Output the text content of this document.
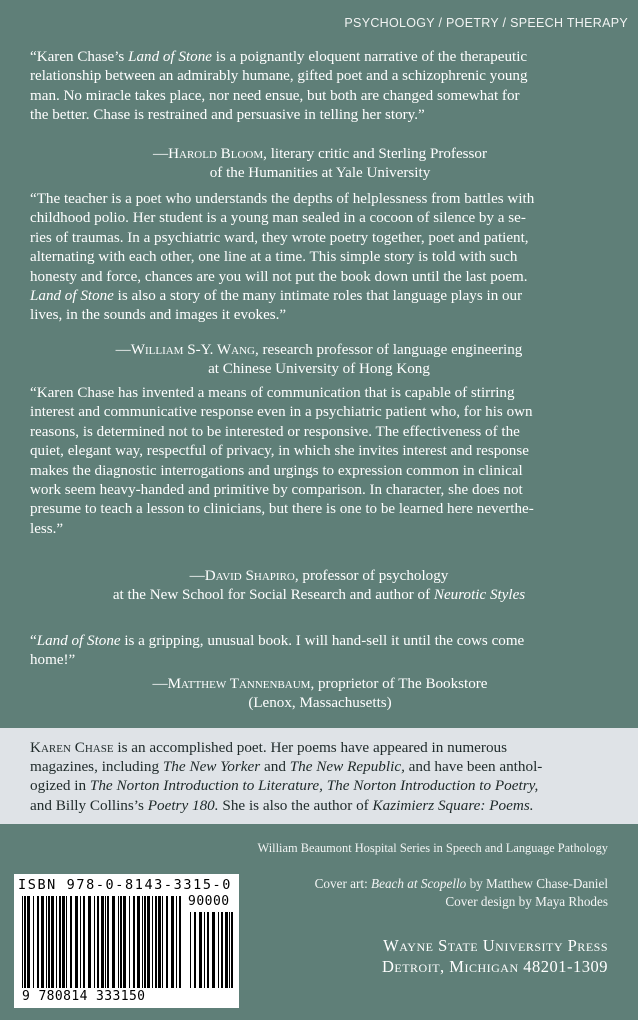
PSYCHOLOGY / POETRY / SPEECH THERAPY

“Karen Chase’s Land of Stone is a poignantly eloquent narrative of the therapeutic

relationship between an admirably humane, gifted poet and a schizophrenic young

man. No miracle takes place, nor need ensue, but both are changed somewhat for

the better. Chase is restrained and persuasive in telling her story.”

—Harold Bloom, literary critic and Sterling Professor
of the Humanities at Yale University

“The teacher is a poet who understands the depths of helplessness from battles with

childhood polio. Her student is a young man sealed in a cocoon of silence by a se-

ries of traumas. In a psychiatric ward, they wrote poetry together, poet and patient,

alternating with each other, one line at a time. This simple story is told with such

honesty and force, chances are you will not put the book down until the last poem.

Land of Stone is also a story of the many intimate roles that language plays in our

lives, in the sounds and images it evokes.”

—William S-Y. Wang, research professor of language engineering
at Chinese University of Hong Kong

“Karen Chase has invented a means of communication that is capable of stirring

interest and communicative response even in a psychiatric patient who, for his own

reasons, is determined not to be interested or responsive. The effectiveness of the

quiet, elegant way, respectful of privacy, in which she invites interest and response

makes the diagnostic interrogations and urgings to expression common in clinical

work seem heavy-handed and primitive by comparison. In character, she does not

presume to teach a lesson to clinicians, but there is one to be learned here neverthe-

less.”

—David Shapiro, professor of psychology
at the New School for Social Research and author of Neurotic Styles

“Land of Stone is a gripping, unusual book. I will hand-sell it until the cows come

home!”

—Matthew Tannenbaum, proprietor of The Bookstore
(Lenox, Massachusetts)

Karen Chase is an accomplished poet. Her poems have appeared in numerous

magazines, including The New Yorker and The New Republic, and have been anthol-

ogized in The Norton Introduction to Literature, The Norton Introduction to Poetry,

and Billy Collins’s Poetry 180. She is also the author of Kazimierz Square: Poems.

William Beaumont Hospital Series in Speech and Language Pathology
ISBN 978-0-8143-3315-0
9 780814 333150
90000
Cover art: Beach at Scopello by Matthew Chase-Daniel
Cover design by Maya Rhodes
Wayne State University Press
Detroit, Michigan 48201-1309
